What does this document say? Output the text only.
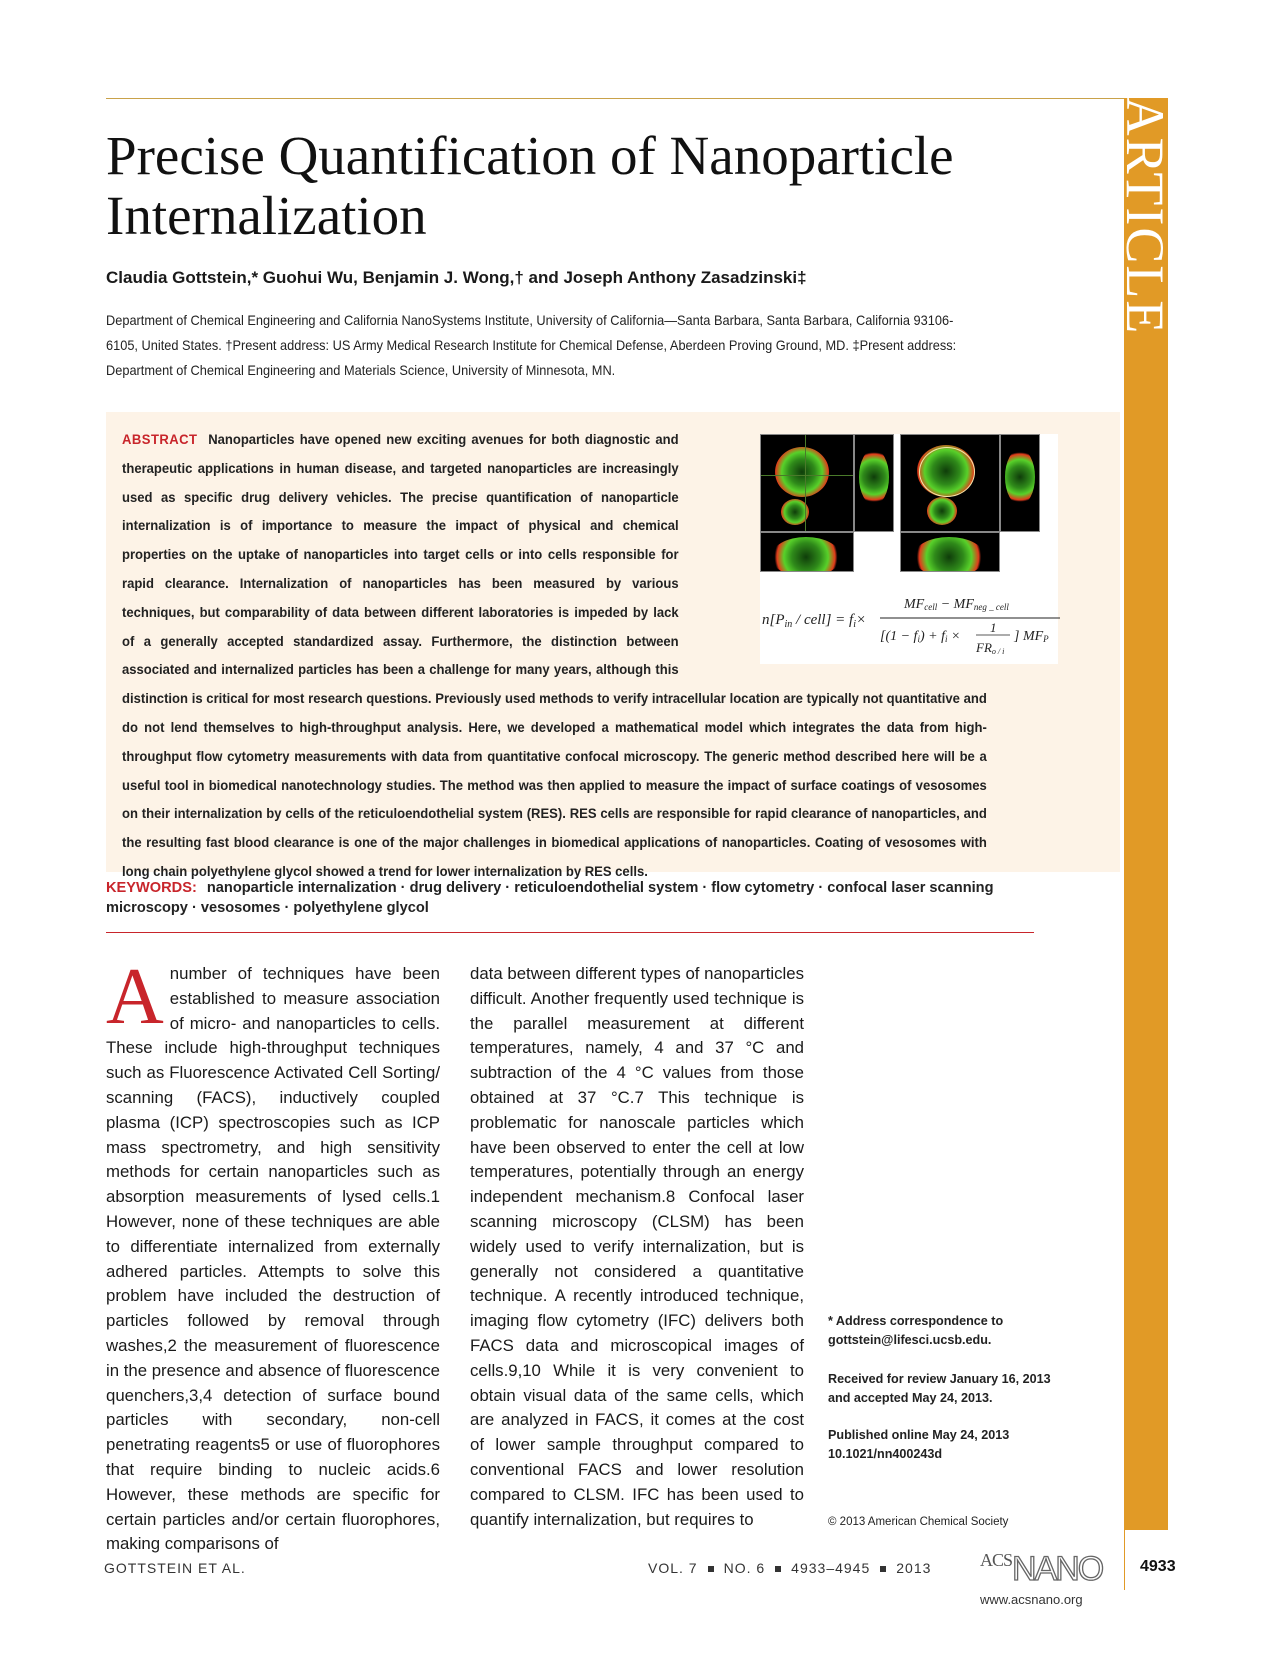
ARTICLE
Precise Quantification of Nanoparticle Internalization
Claudia Gottstein,* Guohui Wu, Benjamin J. Wong,† and Joseph Anthony Zasadzinski‡
Department of Chemical Engineering and California NanoSystems Institute, University of California—Santa Barbara, Santa Barbara, California 93106-6105, United States. †Present address: US Army Medical Research Institute for Chemical Defense, Aberdeen Proving Ground, MD. ‡Present address: Department of Chemical Engineering and Materials Science, University of Minnesota, MN.
ABSTRACT Nanoparticles have opened new exciting avenues for both diagnostic and therapeutic applications in human disease, and targeted nanoparticles are increasingly used as specific drug delivery vehicles. The precise quantification of nanoparticle internalization is of importance to measure the impact of physical and chemical properties on the uptake of nanoparticles into target cells or into cells responsible for rapid clearance. Internalization of nanoparticles has been measured by various techniques, but comparability of data between different laboratories is impeded by lack of a generally accepted standardized assay. Furthermore, the distinction between associated and internalized particles has been a challenge for many years, although this distinction is critical for most research questions. Previously used methods to verify intracellular location are typically not quantitative and do not lend themselves to high-throughput analysis. Here, we developed a mathematical model which integrates the data from high-throughput flow cytometry measurements with data from quantitative confocal microscopy. The generic method described here will be a useful tool in biomedical nanotechnology studies. The method was then applied to measure the impact of surface coatings of vesosomes on their internalization by cells of the reticuloendothelial system (RES). RES cells are responsible for rapid clearance of nanoparticles, and the resulting fast blood clearance is one of the major challenges in biomedical applications of nanoparticles. Coating of vesosomes with long chain polyethylene glycol showed a trend for lower internalization by RES cells.
$n[P_{in}$ / cell] = $f_i\times$
MFcell − MFneg _ cell
[(1 − fi) + fi ×
1
FRo / i
] MFP
KEYWORDS: nanoparticle internalization · drug delivery · reticuloendothelial system · flow cytometry · confocal laser scanning microscopy · vesosomes · polyethylene glycol
A number of techniques have been established to measure association of micro- and nanoparticles to cells. These include high-throughput techniques such as Fluorescence Activated Cell Sorting/ scanning (FACS), inductively coupled plasma (ICP) spectroscopies such as ICP mass spectrometry, and high sensitivity methods for certain nanoparticles such as absorption measurements of lysed cells.1 However, none of these techniques are able to differentiate internalized from externally adhered particles. Attempts to solve this problem have included the destruction of particles followed by removal through washes,2 the measurement of fluorescence in the presence and absence of fluorescence quenchers,3,4 detection of surface bound particles with secondary, non-cell penetrating reagents5 or use of fluorophores that require binding to nucleic acids.6 However, these methods are specific for certain particles and/or certain fluorophores, making comparisons of
data between different types of nanoparticles difficult. Another frequently used technique is the parallel measurement at different temperatures, namely, 4 and 37 °C and subtraction of the 4 °C values from those obtained at 37 °C.7 This technique is problematic for nanoscale particles which have been observed to enter the cell at low temperatures, potentially through an energy independent mechanism.8 Confocal laser scanning microscopy (CLSM) has been widely used to verify internalization, but is generally not considered a quantitative technique. A recently introduced technique, imaging flow cytometry (IFC) delivers both FACS data and microscopical images of cells.9,10 While it is very convenient to obtain visual data of the same cells, which are analyzed in FACS, it comes at the cost of lower sample throughput compared to conventional FACS and lower resolution compared to CLSM. IFC has been used to quantify internalization, but requires to
* Address correspondence to gottstein@lifesci.ucsb.edu.
Received for review January 16, 2013 and accepted May 24, 2013.
Published online May 24, 2013
10.1021/nn400243d
© 2013 American Chemical Society
GOTTSTEIN ET AL.	VOL. 7 NO. 6 4933–4945 2013	ACSNANO
www.acsnano.org
4933
